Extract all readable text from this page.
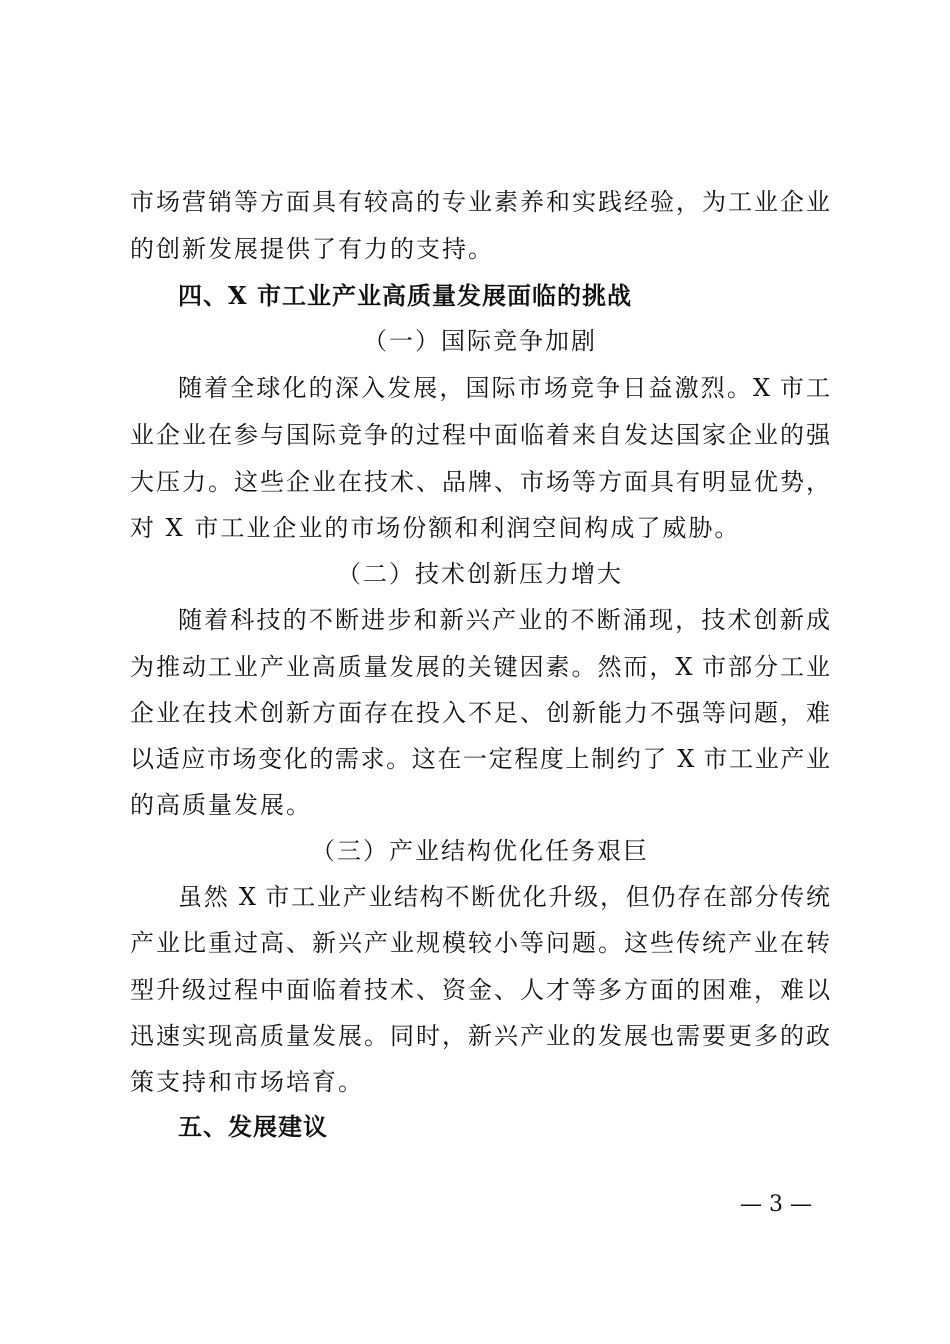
市场营销等方面具有较高的专业素养和实践经验，为工业企业
的创新发展提供了有力的支持。
四、X 市工业产业高质量发展面临的挑战
（一）国际竞争加剧
随着全球化的深入发展，国际市场竞争日益激烈。X 市工
业企业在参与国际竞争的过程中面临着来自发达国家企业的强
大压力。这些企业在技术、品牌、市场等方面具有明显优势，
对 X 市工业企业的市场份额和利润空间构成了威胁。
（二）技术创新压力增大
随着科技的不断进步和新兴产业的不断涌现，技术创新成
为推动工业产业高质量发展的关键因素。然而，X 市部分工业
企业在技术创新方面存在投入不足、创新能力不强等问题，难
以适应市场变化的需求。这在一定程度上制约了 X 市工业产业
的高质量发展。
（三）产业结构优化任务艰巨
虽然 X 市工业产业结构不断优化升级，但仍存在部分传统
产业比重过高、新兴产业规模较小等问题。这些传统产业在转
型升级过程中面临着技术、资金、人才等多方面的困难，难以
迅速实现高质量发展。同时，新兴产业的发展也需要更多的政
策支持和市场培育。
五、发展建议
— 3 —
